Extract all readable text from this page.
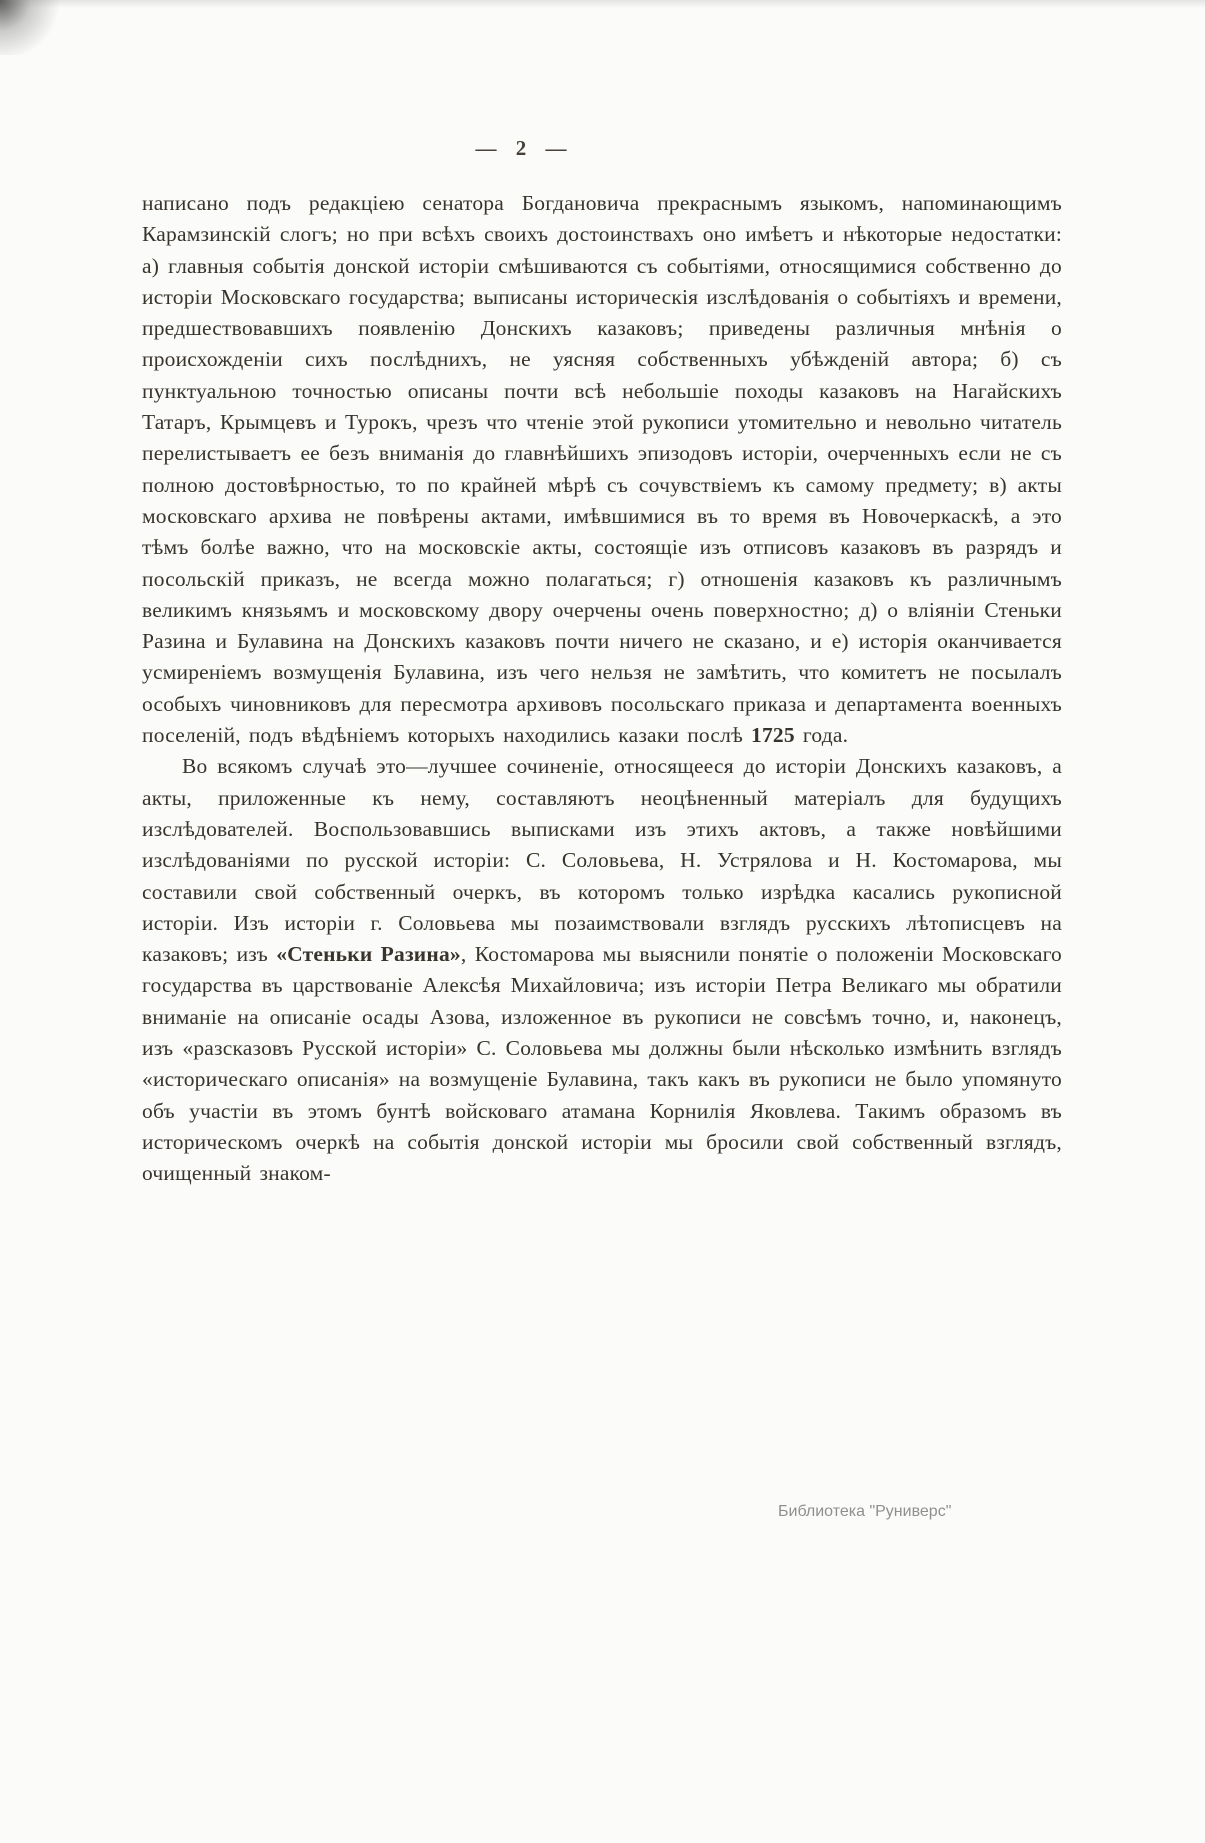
— 2 —

написано подъ редакціею сенатора Богдановича прекраснымъ языкомъ, напоминающимъ Карамзинскій слогъ; но при всѣхъ своихъ достоинствахъ оно имѣетъ и нѣкоторые недостатки: а) главныя событія донской исторіи смѣшиваются съ событіями, относящимися собственно до исторіи Московскаго государства; выписаны историческія изслѣдованія о событіяхъ и времени, предшествовавшихъ появленію Донскихъ казаковъ; приведены различныя мнѣнія о происхожденіи сихъ послѣднихъ, не уясняя собственныхъ убѣжденій автора; б) съ пунктуальною точностью описаны почти всѣ небольшіе походы казаковъ на Нагайскихъ Татаръ, Крымцевъ и Турокъ, чрезъ что чтеніе этой рукописи утомительно и невольно читатель перелистываетъ ее безъ вниманія до главнѣйшихъ эпизодовъ исторіи, очерченныхъ если не съ полною достовѣрностью, то по крайней мѣрѣ съ сочувствіемъ къ самому предмету; в) акты московскаго архива не повѣрены актами, имѣвшимися въ то время въ Новочеркаскѣ, а это тѣмъ болѣе важно, что на московскіе акты, состоящіе изъ отписовъ казаковъ въ разрядъ и посольскій приказъ, не всегда можно полагаться; г) отношенія казаковъ къ различнымъ великимъ князьямъ и московскому двору очерчены очень поверхностно; д) о вліяніи Стеньки Разина и Булавина на Донскихъ казаковъ почти ничего не сказано, и е) исторія оканчивается усмиреніемъ возмущенія Булавина, изъ чего нельзя не замѣтить, что комитетъ не посылалъ особыхъ чиновниковъ для пересмотра архивовъ посольскаго приказа и департамента военныхъ поселеній, подъ вѣдѣніемъ которыхъ находились казаки послѣ 1725 года.

Во всякомъ случаѣ это—лучшее сочиненіе, относящееся до исторіи Донскихъ казаковъ, а акты, приложенные къ нему, составляютъ неоцѣненный матеріалъ для будущихъ изслѣдователей. Воспользовавшись выписками изъ этихъ актовъ, а также новѣйшими изслѣдованіями по русской исторіи: С. Соловьева, Н. Устрялова и Н. Костомарова, мы составили свой собственный очеркъ, въ которомъ только изрѣдка касались рукописной исторіи. Изъ исторіи г. Соловьева мы позаимствовали взглядъ русскихъ лѣтописцевъ на казаковъ; изъ «Стеньки Разина», Костомарова мы выяснили понятіе о положеніи Московскаго государства въ царствованіе Алексѣя Михайловича; изъ исторіи Петра Великаго мы обратили вниманіе на описаніе осады Азова, изложенное въ рукописи не совсѣмъ точно, и, наконецъ, изъ «разсказовъ Русской исторіи» С. Соловьева мы должны были нѣсколько измѣнить взглядъ «историческаго описанія» на возмущеніе Булавина, такъ какъ въ рукописи не было упомянуто объ участіи въ этомъ бунтѣ войсковаго атамана Корнилія Яковлева. Такимъ образомъ въ историческомъ очеркѣ на событія донской исторіи мы бросили свой собственный взглядъ, очищенный знаком-

Библиотека "Руниверс"
